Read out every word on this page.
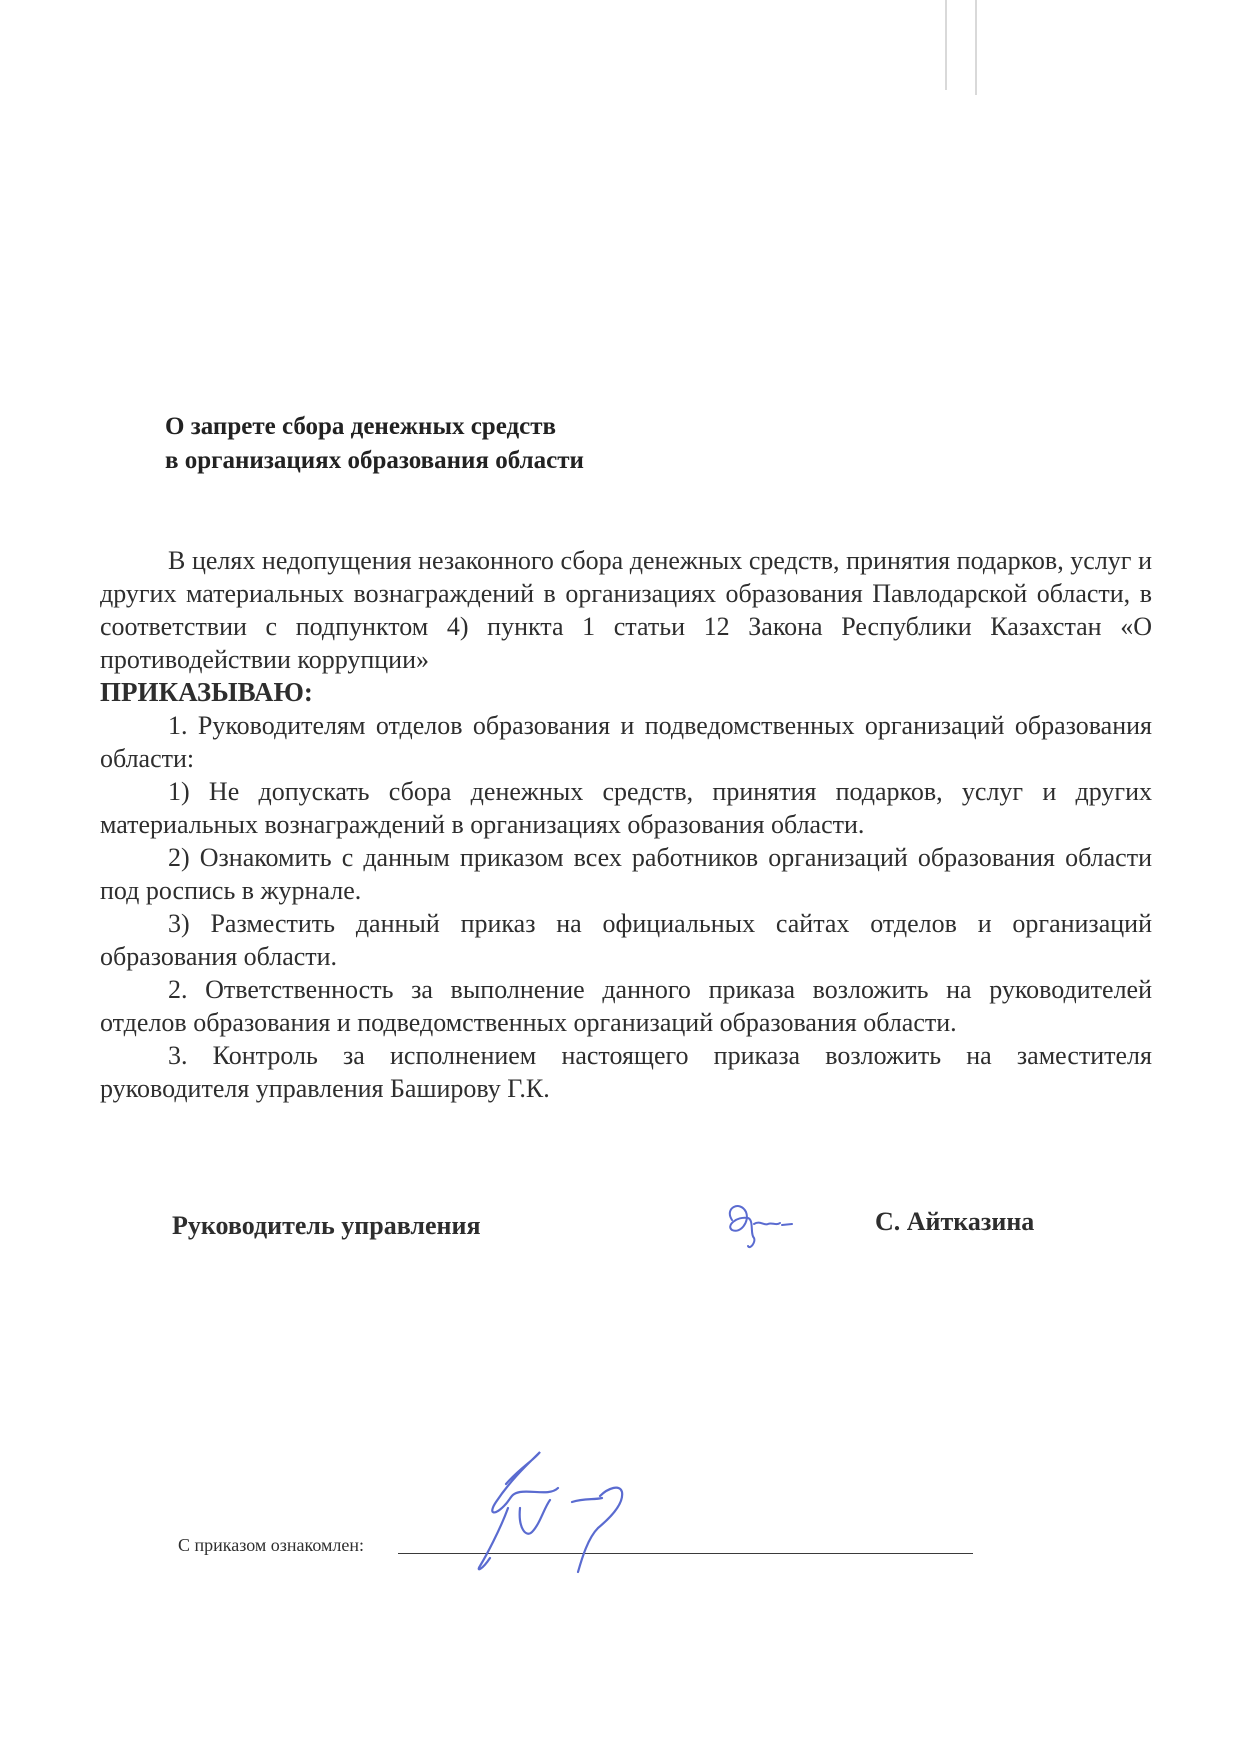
О запрете сбора денежных средств
в организациях образования области

В целях недопущения незаконного сбора денежных средств, принятия подарков, услуг и других материальных вознаграждений в организациях образования Павлодарской области, в соответствии с подпунктом 4) пункта 1 статьи 12 Закона Республики Казахстан «О противодействии коррупции»

ПРИКАЗЫВАЮ:

1. Руководителям отделов образования и подведомственных организаций образования области:

1) Не допускать сбора денежных средств, принятия подарков, услуг и других материальных вознаграждений в организациях образования области.

2) Ознакомить с данным приказом всех работников организаций образования области под роспись в журнале.

3) Разместить данный приказ на официальных сайтах отделов и организаций образования области.

2. Ответственность за выполнение данного приказа возложить на руководителей отделов образования и подведомственных организаций образования области.

3. Контроль за исполнением настоящего приказа возложить на заместителя руководителя управления Баширову Г.К.

Руководитель управления	С. Айтказина
С приказом ознакомлен:
